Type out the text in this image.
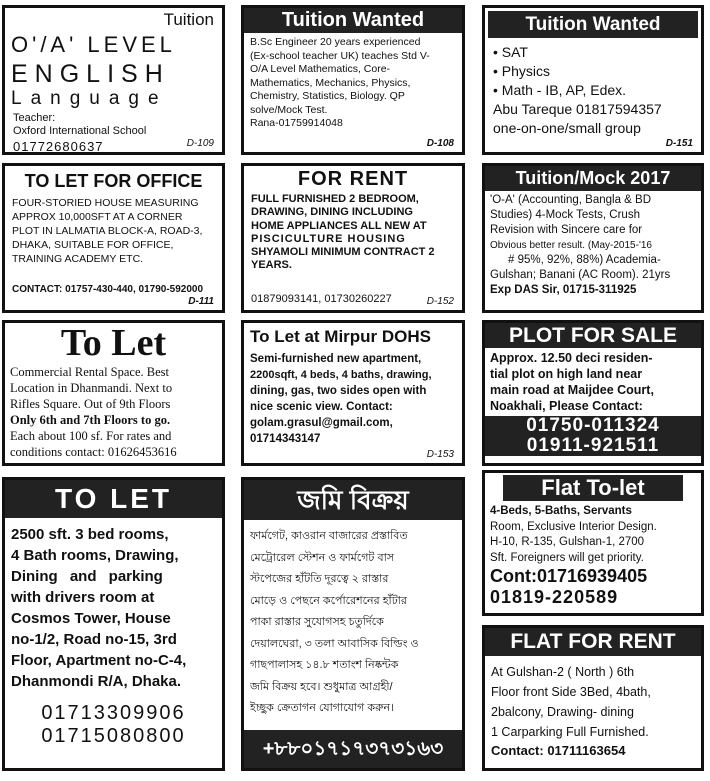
Tuition
O'/A' LEVEL
ENGLISH
Language
Teacher:
Oxford International School
01772680637	D-109
Tuition Wanted
B.Sc Engineer 20 years experienced
(Ex-school teacher UK) teaches Std V-
O/A Level Mathematics, Core-
Mathematics, Mechanics, Physics,
Chemistry, Statistics, Biology. QP
solve/Mock Test.
Rana-01759914048
D-108
Tuition Wanted
• SAT
• Physics
• Math - IB, AP, Edex.
Abu Tareque 01817594357
one-on-one/small group
D-151
TO LET FOR OFFICE
FOUR-STORIED HOUSE MEASURING
APPROX 10,000SFT AT A CORNER
PLOT IN LALMATIA BLOCK-A, ROAD-3,
DHAKA, SUITABLE FOR OFFICE,
TRAINING ACADEMY ETC.
CONTACT: 01757-430-440, 01790-592000
D-111
FOR RENT
FULL FURNISHED 2 BEDROOM,
DRAWING, DINING INCLUDING
HOME APPLIANCES ALL NEW AT
PISCICULTURE HOUSING
SHYAMOLI MINIMUM CONTRACT 2
YEARS.
01879093141, 01730260227	D-152
Tuition/Mock 2017
'O-A' (Accounting, Bangla & BD
Studies) 4-Mock Tests, Crush
Revision with Sincere care for
Obvious better result. (May-2015-'16
# 95%, 92%, 88%) Academia-
Gulshan; Banani (AC Room). 21yrs
Exp DAS Sir, 01715-311925
To Let
Commercial Rental Space. Best
Location in Dhanmandi. Next to
Rifles Square. Out of 9th Floors
Only 6th and 7th Floors to go.
Each about 100 sf. For rates and
conditions contact: 01626453616
To Let at Mirpur DOHS
Semi-furnished new apartment,
2200sqft, 4 beds, 4 baths, drawing,
dining, gas, two sides open with
nice scenic view. Contact:
golam.grasul@gmail.com,
01714343147
D-153
PLOT FOR SALE
Approx. 12.50 deci residen-
tial plot on high land near
main road at Maijdee Court,
Noakhali, Please Contact:
01750-011324
01911-921511
TO LET
2500 sft. 3 bed rooms,
4 Bath rooms, Drawing,
Dining and parking
with drivers room at
Cosmos Tower, House
no-1/2, Road no-15, 3rd
Floor, Apartment no-C-4,
Dhanmondi R/A, Dhaka.
01713309906
01715080800
জমি বিক্রয়
ফার্মগেট, কাওরান বাজারের প্রস্তাবিত
মেট্রোরেল স্টেশন ও ফার্মগেট বাস
স্টপেজের হাঁটতি দূরত্বে ২ রাস্তার
মোড়ে ও পেছনে কর্পোরেশনের হাঁটার
পাকা রাস্তার সুযোগসহ চতুর্দিকে
দেয়ালঘেরা, ৩ তলা আবাসিক বিল্ডিং ও
গাছপালাসহ ১৪.৮ শতাংশ নিষ্কন্টক
জমি বিক্রয় হবে। শুধুমাত্র আগ্রহী/
ইচ্ছুক ক্রেতাগন যোগাযোগ করুন।
+৮৮০১৭১৭৩৭৩১৬৩
Flat To-let
4-Beds, 5-Baths, Servants
Room, Exclusive Interior Design.
H-10, R-135, Gulshan-1, 2700
Sft. Foreigners will get priority.
Cont:01716939405
01819-220589
FLAT FOR RENT
At Gulshan-2 ( North ) 6th
Floor front Side 3Bed, 4bath,
2balcony, Drawing- dining
1 Carparking Full Furnished.
Contact: 01711163654
